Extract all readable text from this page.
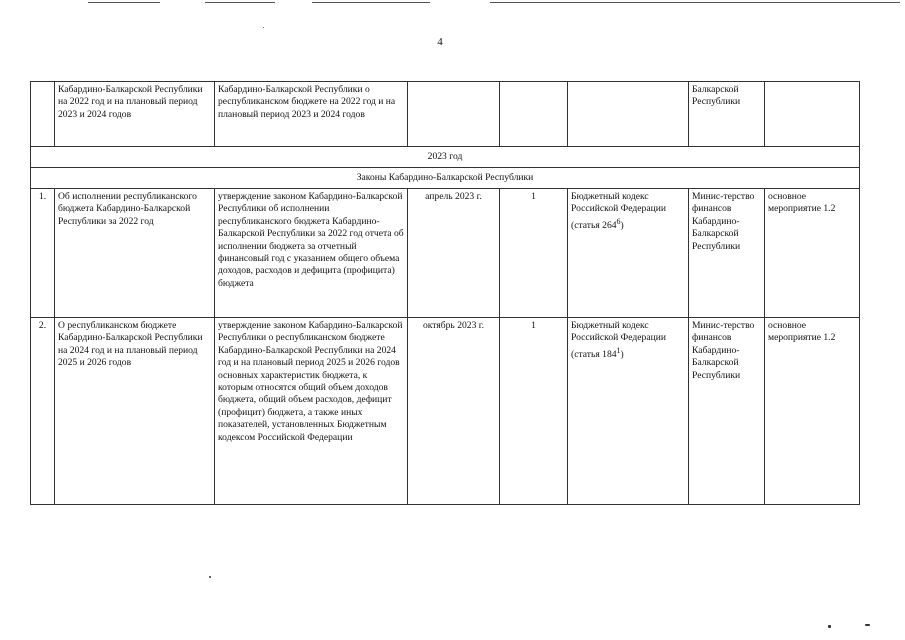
4
	Кабардино-Балкарской Республики на 2022 год и на плановый период 2023 и 2024 годов	Кабардино-Балкарской Республики о республиканском бюджете на 2022 год и на плановый период 2023 и 2024 годов				Балкарской Республики	
2023 год							
Законы Кабардино-Балкарской Республики							
1.	Об исполнении республиканского бюджета Кабардино-Балкарской Республики за 2022 год	утверждение законом Кабардино-Балкарской Республики об исполнении республиканского бюджета Кабардино-Балкарской Республики за 2022 год отчета об исполнении бюджета за отчетный финансовый год с указанием общего объема доходов, расходов и дефицита (профицита) бюджета	апрель 2023 г.	1	Бюджетный кодекс Российской Федерации (статья $264^6$)	Минис-терство финансов Кабардино-Балкарской Республики	основное мероприятие 1.2
2.	О республиканском бюджете Кабардино-Балкарской Республики на 2024 год и на плановый период 2025 и 2026 годов	утверждение законом Кабардино-Балкарской Республики о республиканском бюджете Кабардино-Балкарской Республики на 2024 год и на плановый период 2025 и 2026 годов основных характеристик бюджета, к которым относятся общий объем доходов бюджета, общий объем расходов, дефицит (профицит) бюджета, а также иных показателей, установленных Бюджетным кодексом Российской Федерации	октябрь 2023 г.	1	Бюджетный кодекс Российской Федерации (статья $184^1$)	Минис-терство финансов Кабардино-Балкарской Республики	основное мероприятие 1.2
